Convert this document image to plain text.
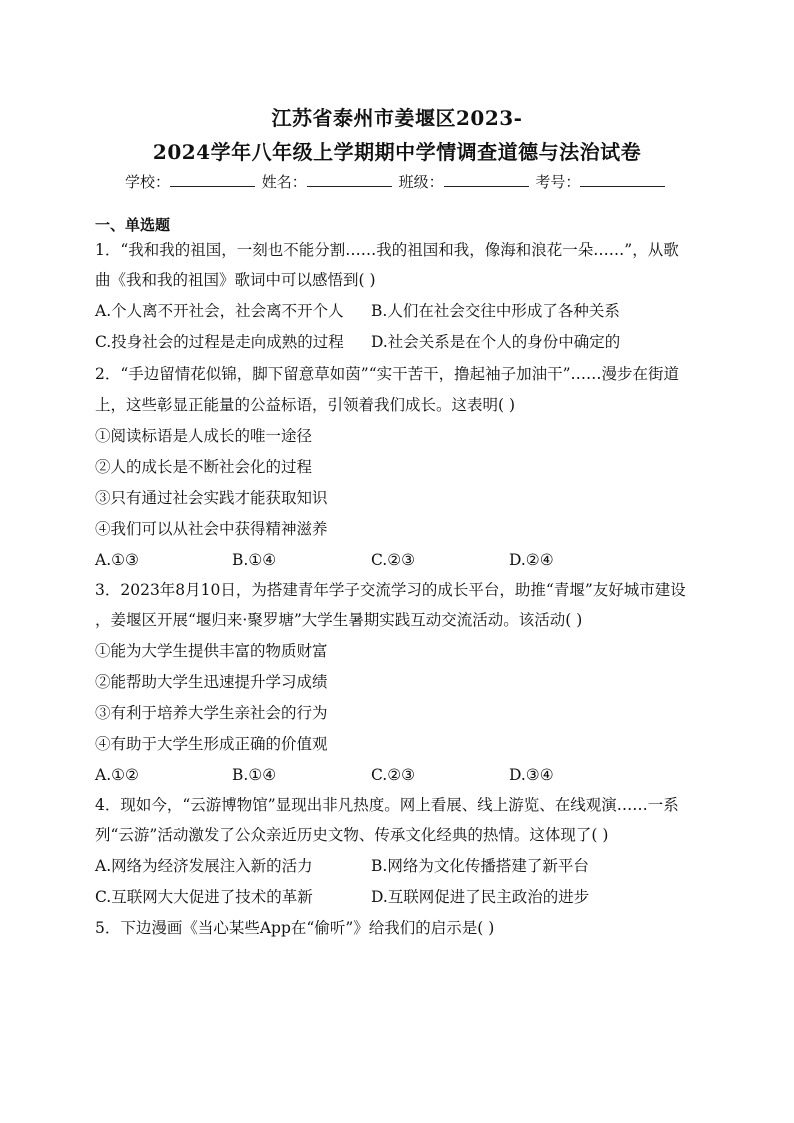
江苏省泰州市姜堰区2023-
2024学年八年级上学期期中学情调查道德与法治试卷
学校：	姓名：	班级：	考号：
一、单选题
1．“我和我的祖国，一刻也不能分割……我的祖国和我，像海和浪花一朵……”，从歌
曲《我和我的祖国》歌词中可以感悟到( )
A.个人离不开社会，社会离不开个人 B.人们在社会交往中形成了各种关系
C.投身社会的过程是走向成熟的过程 D.社会关系是在个人的身份中确定的
2．“手边留情花似锦，脚下留意草如茵”“实干苦干，撸起袖子加油干”……漫步在街道
上，这些彰显正能量的公益标语，引领着我们成长。这表明( )
①阅读标语是人成长的唯一途径
②人的成长是不断社会化的过程
③只有通过社会实践才能获取知识
④我们可以从社会中获得精神滋养
A.①③	B.①④	C.②③	D.②④
3．2023年8月10日，为搭建青年学子交流学习的成长平台，助推“青堰”友好城市建设
，姜堰区开展“堰归来·聚罗塘”大学生暑期实践互动交流活动。该活动( )
①能为大学生提供丰富的物质财富
②能帮助大学生迅速提升学习成绩
③有利于培养大学生亲社会的行为
④有助于大学生形成正确的价值观
A.①②	B.①④	C.②③	D.③④
4．现如今，“云游博物馆”显现出非凡热度。网上看展、线上游览、在线观演……一系
列“云游”活动激发了公众亲近历史文物、传承文化经典的热情。这体现了( )
A.网络为经济发展注入新的活力	B.网络为文化传播搭建了新平台
C.互联网大大促进了技术的革新	D.互联网促进了民主政治的进步
5．下边漫画《当心某些App在“偷听”》给我们的启示是( )
